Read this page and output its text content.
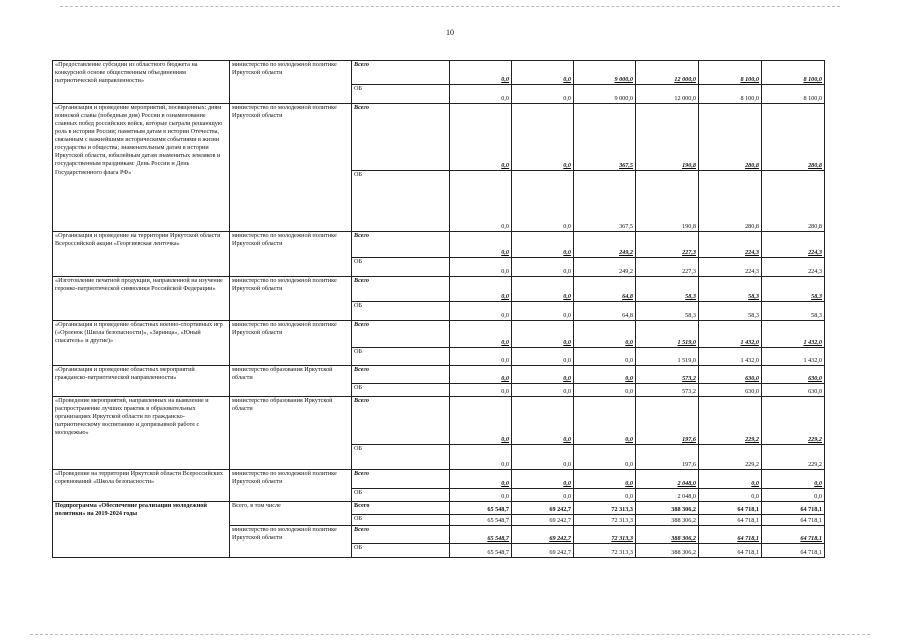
10
«Предоставление субсидии из областного бюджета на конкурсной основе общественным объединениям патриотической направленности»	министерство по молодежной политике Иркутской области	Всего	0,0	0,0	9 000,0	12 000,0	8 100,0	8 100,0
		ОБ	0,0	0,0	9 000,0	12 000,0	8 100,0	8 100,0
«Организация и проведение мероприятий, посвященных: дням воинской славы (победным дня) России в ознаменование славных побед российских войск, которые сыграли решающую роль в истории России; памятным датам в истории Отечества, связанным с важнейшими историческими событиями в жизни государства и общества; знаменательным датам в истории Иркутской области, юбилейным датам знаменитых земляков и государственным праздникам: День России и День Государственного флага РФ»	министерство по молодежной политике Иркутской области	Всего	0,0	0,0	367,5	190,8	280,8	280,8
		ОБ	0,0	0,0	367,5	190,8	280,8	280,8
«Организация и проведение на территории Иркутской области Всероссийской акции «Георгиевская ленточка»	министерство по молодежной политике Иркутской области	Всего	0,0	0,0	249,2	227,3	224,3	224,3
		ОБ	0,0	0,0	249,2	227,3	224,3	224,3
«Изготовление печатной продукции, направленной на изучение героико-патриотической символики Российской Федерации»	министерство по молодежной политике Иркутской области	Всего	0,0	0,0	64,8	58,3	58,3	58,3
		ОБ	0,0	0,0	64,8	58,3	58,3	58,3
«Организация и проведение областных военно-спортивных игр («Орленок (Школа безопасности)», «Зарница», «Юный спасатель» и другие)»	министерство по молодежной политике Иркутской области	Всего	0,0	0,0	0,0	1 519,0	1 432,0	1 432,0
		ОБ	0,0	0,0	0,0	1 519,0	1 432,0	1 432,0
«Организация и проведение областных мероприятий гражданско-патриотической направленности»	министерство образования Иркутской области	Всего	0,0	0,0	0,0	573,2	630,0	630,0
		ОБ	0,0	0,0	0,0	573,2	630,0	630,0
«Проведение мероприятий, направленных на выявление и распространение лучших практик в образовательных организациях Иркутской области по гражданско-патриотическому воспитанию и допризывной работе с молодежью»	министерство образования Иркутской области	Всего	0,0	0,0	0,0	197,6	229,2	229,2
		ОБ	0,0	0,0	0,0	197,6	229,2	229,2
«Проведение на территории Иркутской области Всероссийских соревнований «Школа безопасности»	министерство по молодежной политике Иркутской области	Всего	0,0	0,0	0,0	2 048,0	0,0	0,0
		ОБ	0,0	0,0	0,0	2 048,0	0,0	0,0
Подпрограмма «Обеспечение реализации молодежной политики» на 2019-2024 годы	Всего, в том числе	Всего	65 548,7	69 242,7	72 313,3	388 306,2	64 718,1	64 718,1
		ОБ	65 548,7	69 242,7	72 313,3	388 306,2	64 718,1	64 718,1
	министерство по молодежной политике Иркутской области	Всего	65 548,7	69 242,7	72 313,3	388 306,2	64 718,1	64 718,1
		ОБ	65 548,7	69 242,7	72 313,3	388 306,2	64 718,1	64 718,1
